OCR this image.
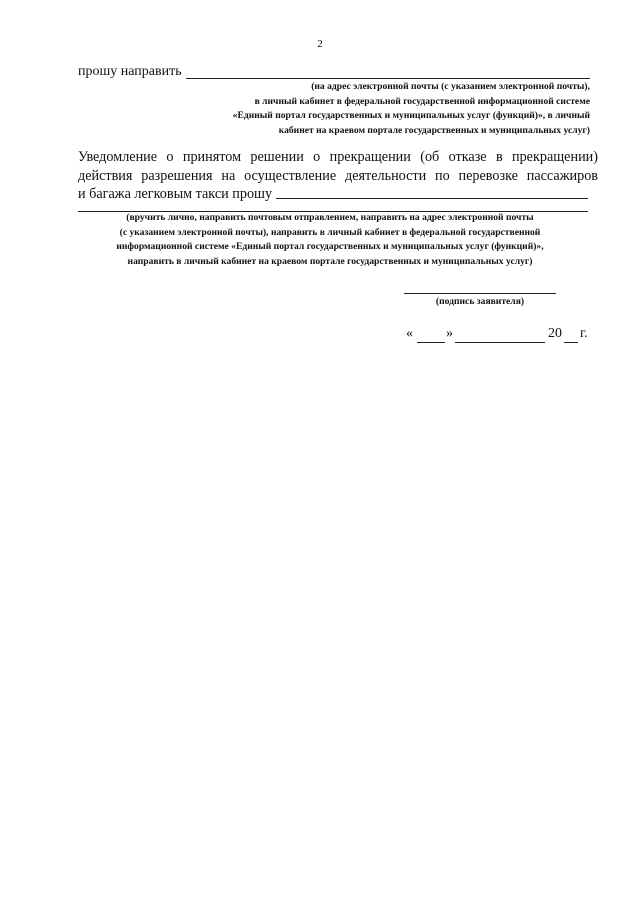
2
прошу направить
(на адрес электронной почты (с указанием электронной почты),
в личный кабинет в федеральной государственной информационной системе
«Единый портал государственных и муниципальных услуг (функций)», в личный
кабинет на краевом портале государственных и муниципальных услуг)
Уведомление о принятом решении о прекращении (об отказе в прекращении)
действия разрешения на осуществление деятельности по перевозке пассажиров
и багажа легковым такси прошу
(вручить лично, направить почтовым отправлением, направить на адрес электронной почты
(с указанием электронной почты), направить в личный кабинет в федеральной государственной
информационной системе «Единый портал государственных и муниципальных услуг (функций)»,
направить в личный кабинет на краевом портале государственных и муниципальных услуг)
(подпись заявителя)
« »	20 г.
